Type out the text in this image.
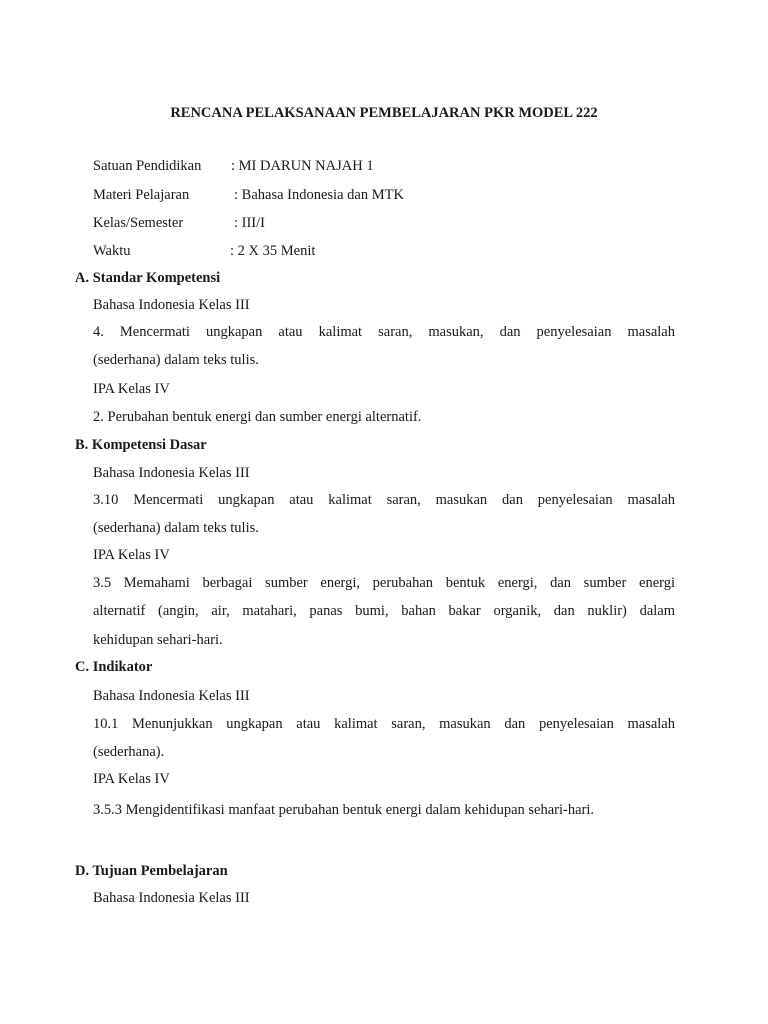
RENCANA PELAKSANAAN PEMBELAJARAN PKR MODEL 222
Satuan Pendidikan : MI DARUN NAJAH 1
Materi Pelajaran	: Bahasa Indonesia dan MTK
Kelas/Semester	: III/I
Waktu	: 2 X 35 Menit
A. Standar Kompetensi
Bahasa Indonesia Kelas III
4. Mencermati ungkapan atau kalimat saran, masukan, dan penyelesaian masalah
(sederhana) dalam teks tulis.
IPA Kelas IV
2. Perubahan bentuk energi dan sumber energi alternatif.
B. Kompetensi Dasar
Bahasa Indonesia Kelas III
3.10 Mencermati ungkapan atau kalimat saran, masukan dan penyelesaian masalah
(sederhana) dalam teks tulis.
IPA Kelas IV
3.5 Memahami berbagai sumber energi, perubahan bentuk energi, dan sumber energi
alternatif (angin, air, matahari, panas bumi, bahan bakar organik, dan nuklir) dalam
kehidupan sehari-hari.
C. Indikator
Bahasa Indonesia Kelas III
10.1 Menunjukkan ungkapan atau kalimat saran, masukan dan penyelesaian masalah
(sederhana).
IPA Kelas IV
3.5.3 Mengidentifikasi manfaat perubahan bentuk energi dalam kehidupan sehari-hari.
D. Tujuan Pembelajaran
Bahasa Indonesia Kelas III
